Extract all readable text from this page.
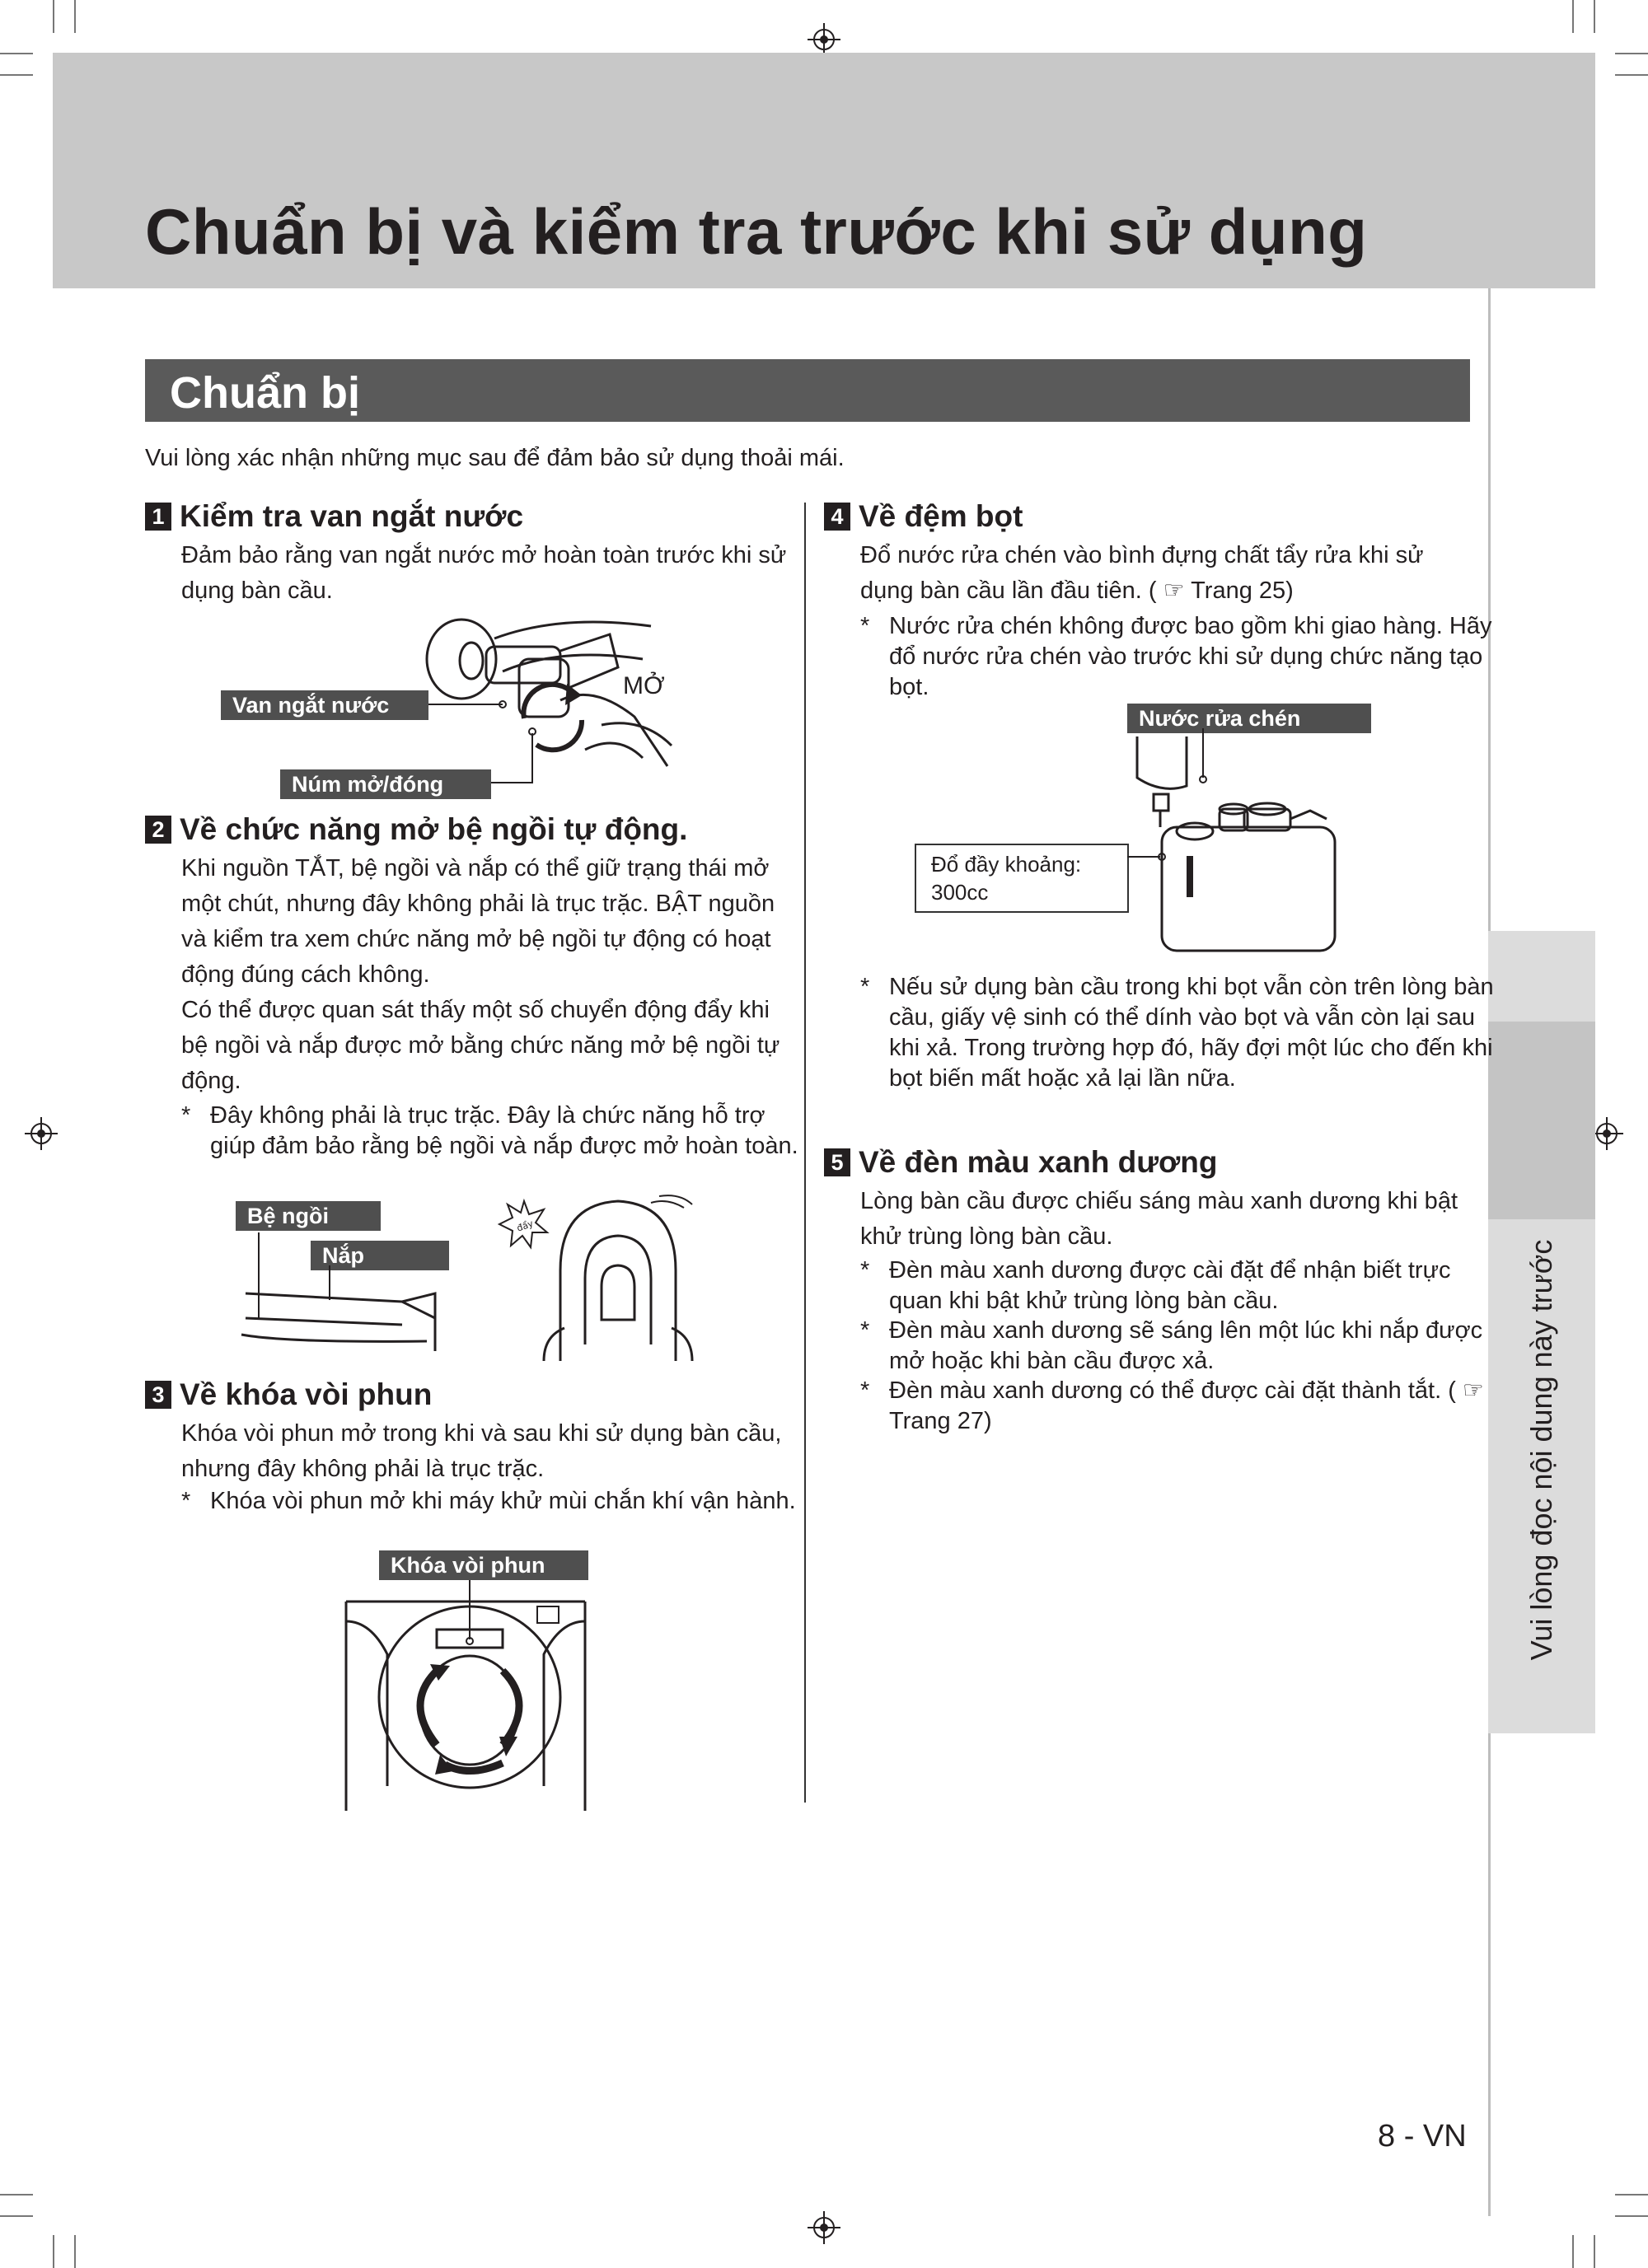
Chuẩn bị và kiểm tra trước khi sử dụng
Vui lòng đọc nội dung này trước
Chuẩn bị
Vui lòng xác nhận những mục sau để đảm bảo sử dụng thoải mái.
1 Kiểm tra van ngắt nước
Đảm bảo rằng van ngắt nước mở hoàn toàn trước khi sử dụng bàn cầu.
Van ngắt nước
MỞ
Núm mở/đóng
2 Về chức năng mở bệ ngồi tự động.
Khi nguồn TẮT, bệ ngồi và nắp có thể giữ trạng thái mở một chút, nhưng đây không phải là trục trặc. BẬT nguồn và kiểm tra xem chức năng mở bệ ngồi tự động có hoạt động đúng cách không.
Có thể được quan sát thấy một số chuyển động đẩy khi bệ ngồi và nắp được mở bằng chức năng mở bệ ngồi tự động.
* Đây không phải là trục trặc. Đây là chức năng hỗ trợ giúp đảm bảo rằng bệ ngồi và nắp được mở hoàn toàn.
Bệ ngồi
Nắp
đẩy
3 Về khóa vòi phun
Khóa vòi phun mở trong khi và sau khi sử dụng bàn cầu, nhưng đây không phải là trục trặc.
* Khóa vòi phun mở khi máy khử mùi chắn khí vận hành.
Khóa vòi phun
4 Về đệm bọt
Đổ nước rửa chén vào bình đựng chất tẩy rửa khi sử dụng bàn cầu lần đầu tiên. ( ☞ Trang 25)
* Nước rửa chén không được bao gồm khi giao hàng. Hãy đổ nước rửa chén vào trước khi sử dụng chức năng tạo bọt.
Nước rửa chén
Đổ đầy khoảng:
300cc
* Nếu sử dụng bàn cầu trong khi bọt vẫn còn trên lòng bàn cầu, giấy vệ sinh có thể dính vào bọt và vẫn còn lại sau khi xả. Trong trường hợp đó, hãy đợi một lúc cho đến khi bọt biến mất hoặc xả lại lần nữa.
5 Về đèn màu xanh dương
Lòng bàn cầu được chiếu sáng màu xanh dương khi bật khử trùng lòng bàn cầu.
* Đèn màu xanh dương được cài đặt để nhận biết trực quan khi bật khử trùng lòng bàn cầu.
* Đèn màu xanh dương sẽ sáng lên một lúc khi nắp được mở hoặc khi bàn cầu được xả.
* Đèn màu xanh dương có thể được cài đặt thành tắt. ( ☞ Trang 27)
8 - VN
